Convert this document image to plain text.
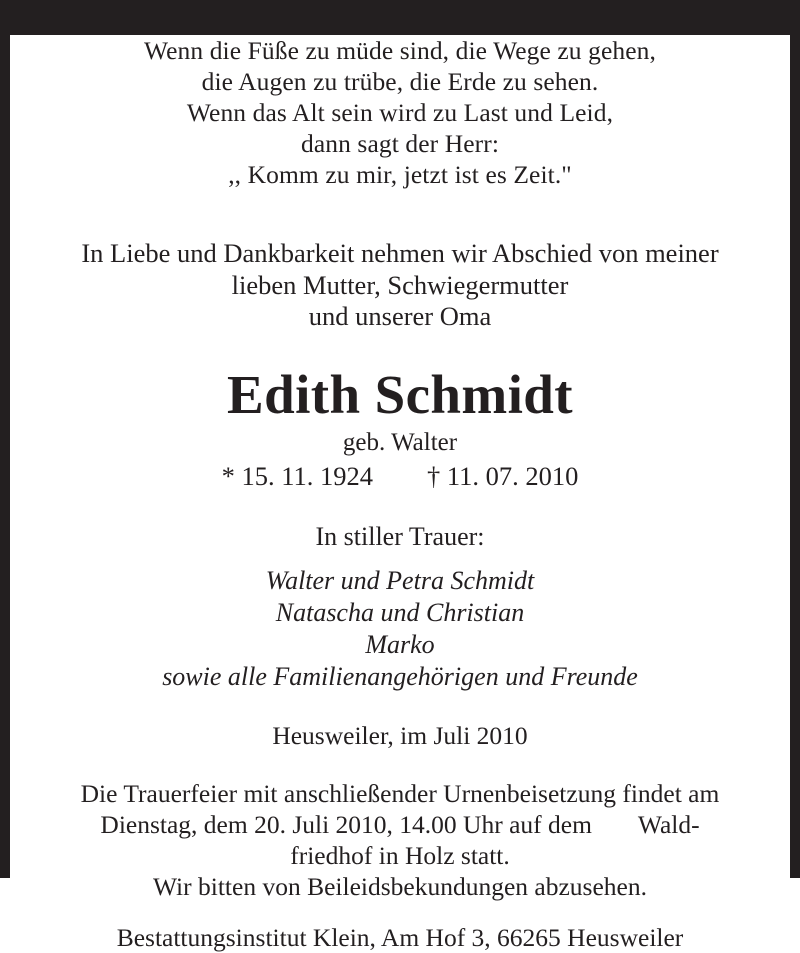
Wenn die Füße zu müde sind, die Wege zu gehen,
die Augen zu trübe, die Erde zu sehen.
Wenn das Alt sein wird zu Last und Leid,
dann sagt der Herr:
,, Komm zu mir, jetzt ist es Zeit."
In Liebe und Dankbarkeit nehmen wir Abschied von meiner
lieben Mutter, Schwiegermutter
und unserer Oma
Edith Schmidt
geb. Walter
* 15. 11. 1924 † 11. 07. 2010
In stiller Trauer:
Walter und Petra Schmidt
Natascha und Christian
Marko
sowie alle Familienangehörigen und Freunde
Heusweiler, im Juli 2010
Die Trauerfeier mit anschließender Urnenbeisetzung findet am
Dienstag, dem 20. Juli 2010, 14.00 Uhr auf dem Wald-
friedhof in Holz statt.
Wir bitten von Beileidsbekundungen abzusehen.
Bestattungsinstitut Klein, Am Hof 3, 66265 Heusweiler
